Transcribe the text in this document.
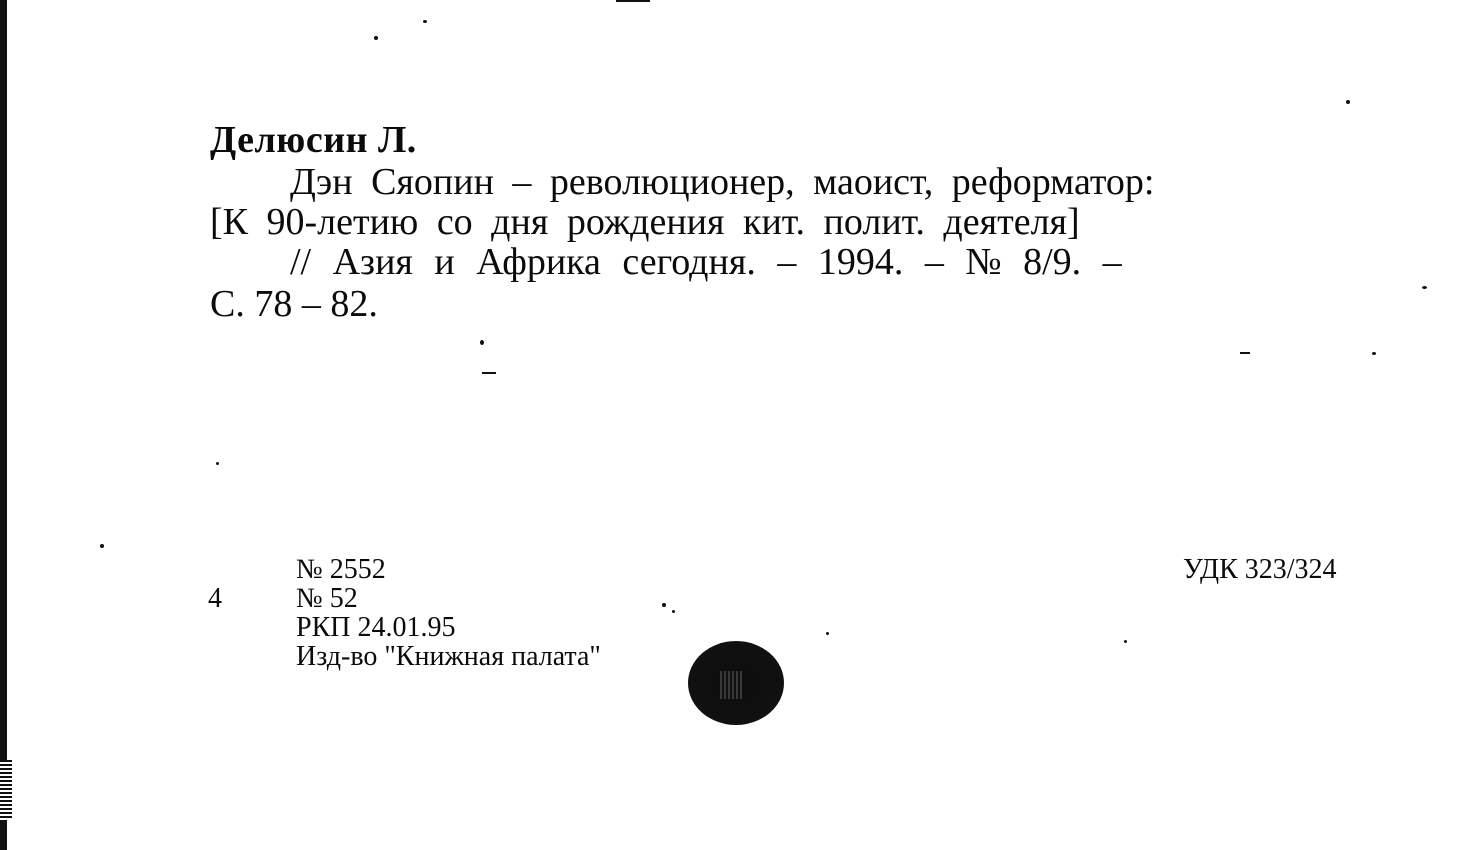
Делюсин Л.
Дэн Сяопин – революционер, маоист, реформатор:
[К 90-летию со дня рождения кит. полит. деятеля]
// Азия и Африка сегодня. – 1994. – № 8/9. –
С. 78 – 82.
№ 2552
4	№ 52
РКП 24.01.95
Изд-во "Книжная палата"
УДК 323/324
